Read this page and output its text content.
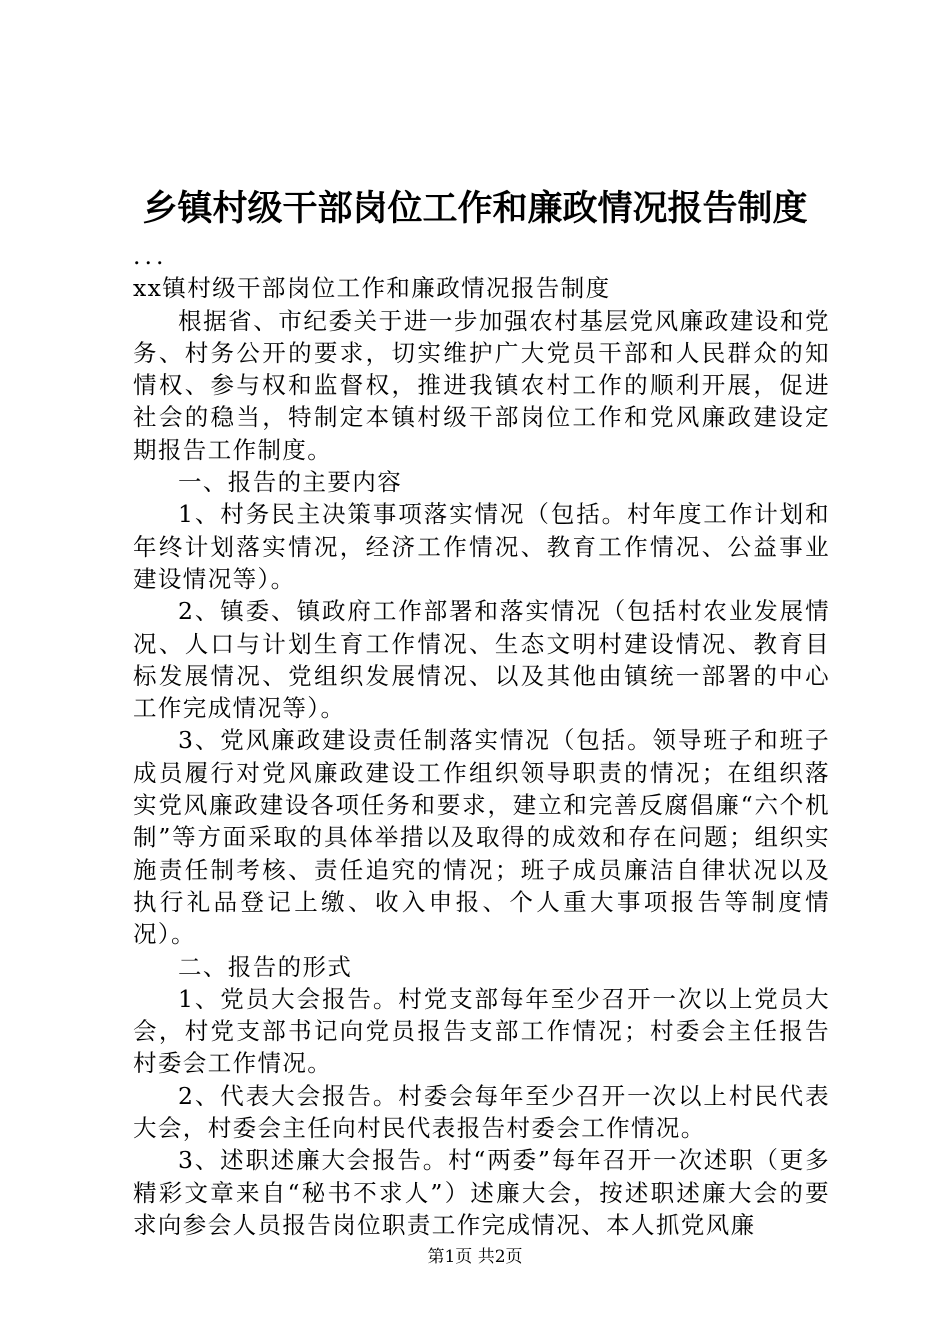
乡镇村级干部岗位工作和廉政情况报告制度

...

xx镇村级干部岗位工作和廉政情况报告制度

根据省、市纪委关于进一步加强农村基层党风廉政建设和党务、村务公开的要求，切实维护广大党员干部和人民群众的知情权、参与权和监督权，推进我镇农村工作的顺利开展，促进社会的稳当，特制定本镇村级干部岗位工作和党风廉政建设定期报告工作制度。

一、报告的主要内容

1、村务民主决策事项落实情况（包括。村年度工作计划和年终计划落实情况，经济工作情况、教育工作情况、公益事业建设情况等）。

2、镇委、镇政府工作部署和落实情况（包括村农业发展情况、人口与计划生育工作情况、生态文明村建设情况、教育目标发展情况、党组织发展情况、以及其他由镇统一部署的中心工作完成情况等）。

3、党风廉政建设责任制落实情况（包括。领导班子和班子成员履行对党风廉政建设工作组织领导职责的情况；在组织落实党风廉政建设各项任务和要求，建立和完善反腐倡廉“六个机制”等方面采取的具体举措以及取得的成效和存在问题；组织实施责任制考核、责任追究的情况；班子成员廉洁自律状况以及执行礼品登记上缴、收入申报、个人重大事项报告等制度情况）。

二、报告的形式

1、党员大会报告。村党支部每年至少召开一次以上党员大会，村党支部书记向党员报告支部工作情况；村委会主任报告村委会工作情况。

2、代表大会报告。村委会每年至少召开一次以上村民代表大会，村委会主任向村民代表报告村委会工作情况。

3、述职述廉大会报告。村“两委”每年召开一次述职（更多精彩文章来自“秘书不求人”）述廉大会，按述职述廉大会的要求向参会人员报告岗位职责工作完成情况、本人抓党风廉

第1页 共2页
